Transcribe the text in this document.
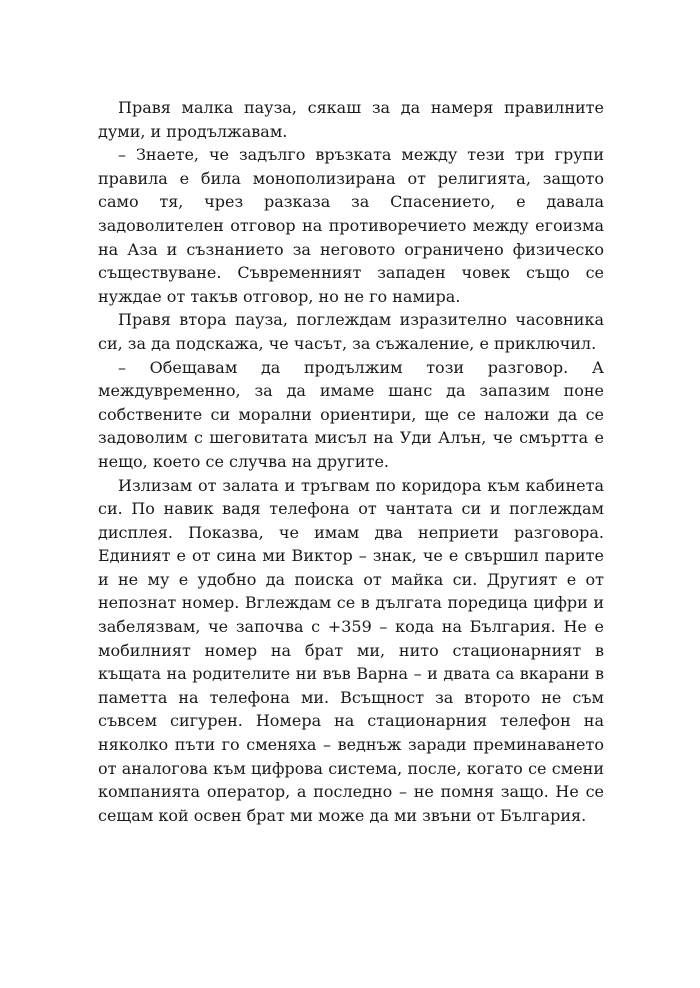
Правя малка пауза, сякаш за да намеря правилните думи, и продължавам.

– Знаете, че задълго връзката между тези три групи правила е била монополизирана от религията, защото само тя, чрез разказа за Спасението, е давала задоволителен отговор на противоречието между егоизма на Аза и съзнанието за неговото ограничено физическо съществуване. Съвременният западен човек също се нуждае от такъв отговор, но не го намира.

Правя втора пауза, поглеждам изразително часовника си, за да подскажа, че часът, за съжаление, е приключил.

– Обещавам да продължим този разговор. А междувременно, за да имаме шанс да запазим поне собствените си морални ориентири, ще се наложи да се задоволим с шеговитата мисъл на Уди Алън, че смъртта е нещо, което се случва на другите.

Излизам от залата и тръгвам по коридора към кабинета си. По навик вадя телефона от чантата си и поглеждам дисплея. Показва, че имам два неприети разговора. Единият е от сина ми Виктор – знак, че е свършил парите и не му е удобно да поиска от майка си. Другият е от непознат номер. Вглеждам се в дългата поредица цифри и забелязвам, че започва с +359 – кода на България. Не е мобилният номер на брат ми, нито стационарният в къщата на родителите ни във Варна – и двата са вкарани в паметта на телефона ми. Всъщност за второто не съм съвсем сигурен. Номера на стационарния телефон на няколко пъти го сменяха – веднъж заради преминаването от аналогова към цифрова система, после, когато се смени компанията оператор, а последно – не помня защо. Не се сещам кой освен брат ми може да ми звъни от България.
